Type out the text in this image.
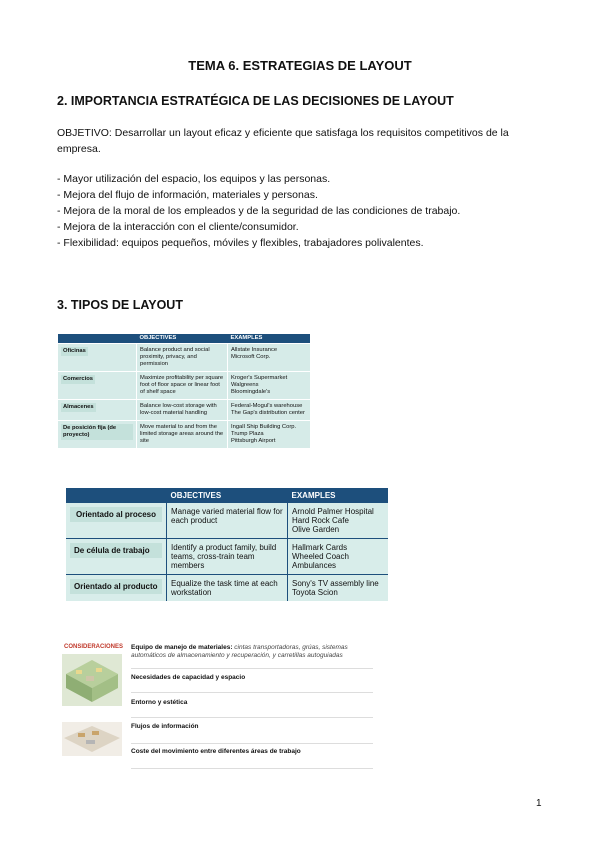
TEMA 6. ESTRATEGIAS DE LAYOUT
2. IMPORTANCIA ESTRATÉGICA DE LAS DECISIONES DE LAYOUT
OBJETIVO: Desarrollar un layout eficaz y eficiente que satisfaga los requisitos competitivos de la
empresa.
- Mayor utilización del espacio, los equipos y las personas.
- Mejora del flujo de información, materiales y personas.
- Mejora de la moral de los empleados y de la seguridad de las condiciones de trabajo.
- Mejora de la interacción con el cliente/consumidor.
- Flexibilidad: equipos pequeños, móviles y flexibles, trabajadores polivalentes.
3. TIPOS DE LAYOUT
	OBJECTIVES	EXAMPLES
Oficinas	Balance product and social proximity, privacy, and permission	Allstate Insurance
Microsoft Corp.
Comercios	Maximize profitability per square foot of floor space or linear foot of shelf space	Kroger's Supermarket
Walgreens
Bloomingdale's
Almacenes	Balance low-cost storage with low-cost material handling	Federal-Mogul's warehouse
The Gap's distribution center
De posición fija (de proyecto)	Move material to and from the limited storage areas around the site	Ingall Ship Building Corp.
Trump Plaza
Pittsburgh Airport
	OBJECTIVES	EXAMPLES

Orientado al proceso	Manage varied material flow for each product	Arnold Palmer Hospital
Hard Rock Cafe
Olive Garden

De célula de trabajo	Identify a product family, build teams, cross-train team members	Hallmark Cards
Wheeled Coach
Ambulances

Orientado al producto	Equalize the task time at each workstation	Sony's TV assembly line
Toyota Scion
CONSIDERACIONES Equipo de manejo de materiales: cintas transportadoras, grúas, sistemas automáticos de almacenamiento y recuperación, y carretillas autoguiadas
Necesidades de capacidad y espacio
Entorno y estética
Flujos de información
Coste del movimiento entre diferentes áreas de trabajo
1
